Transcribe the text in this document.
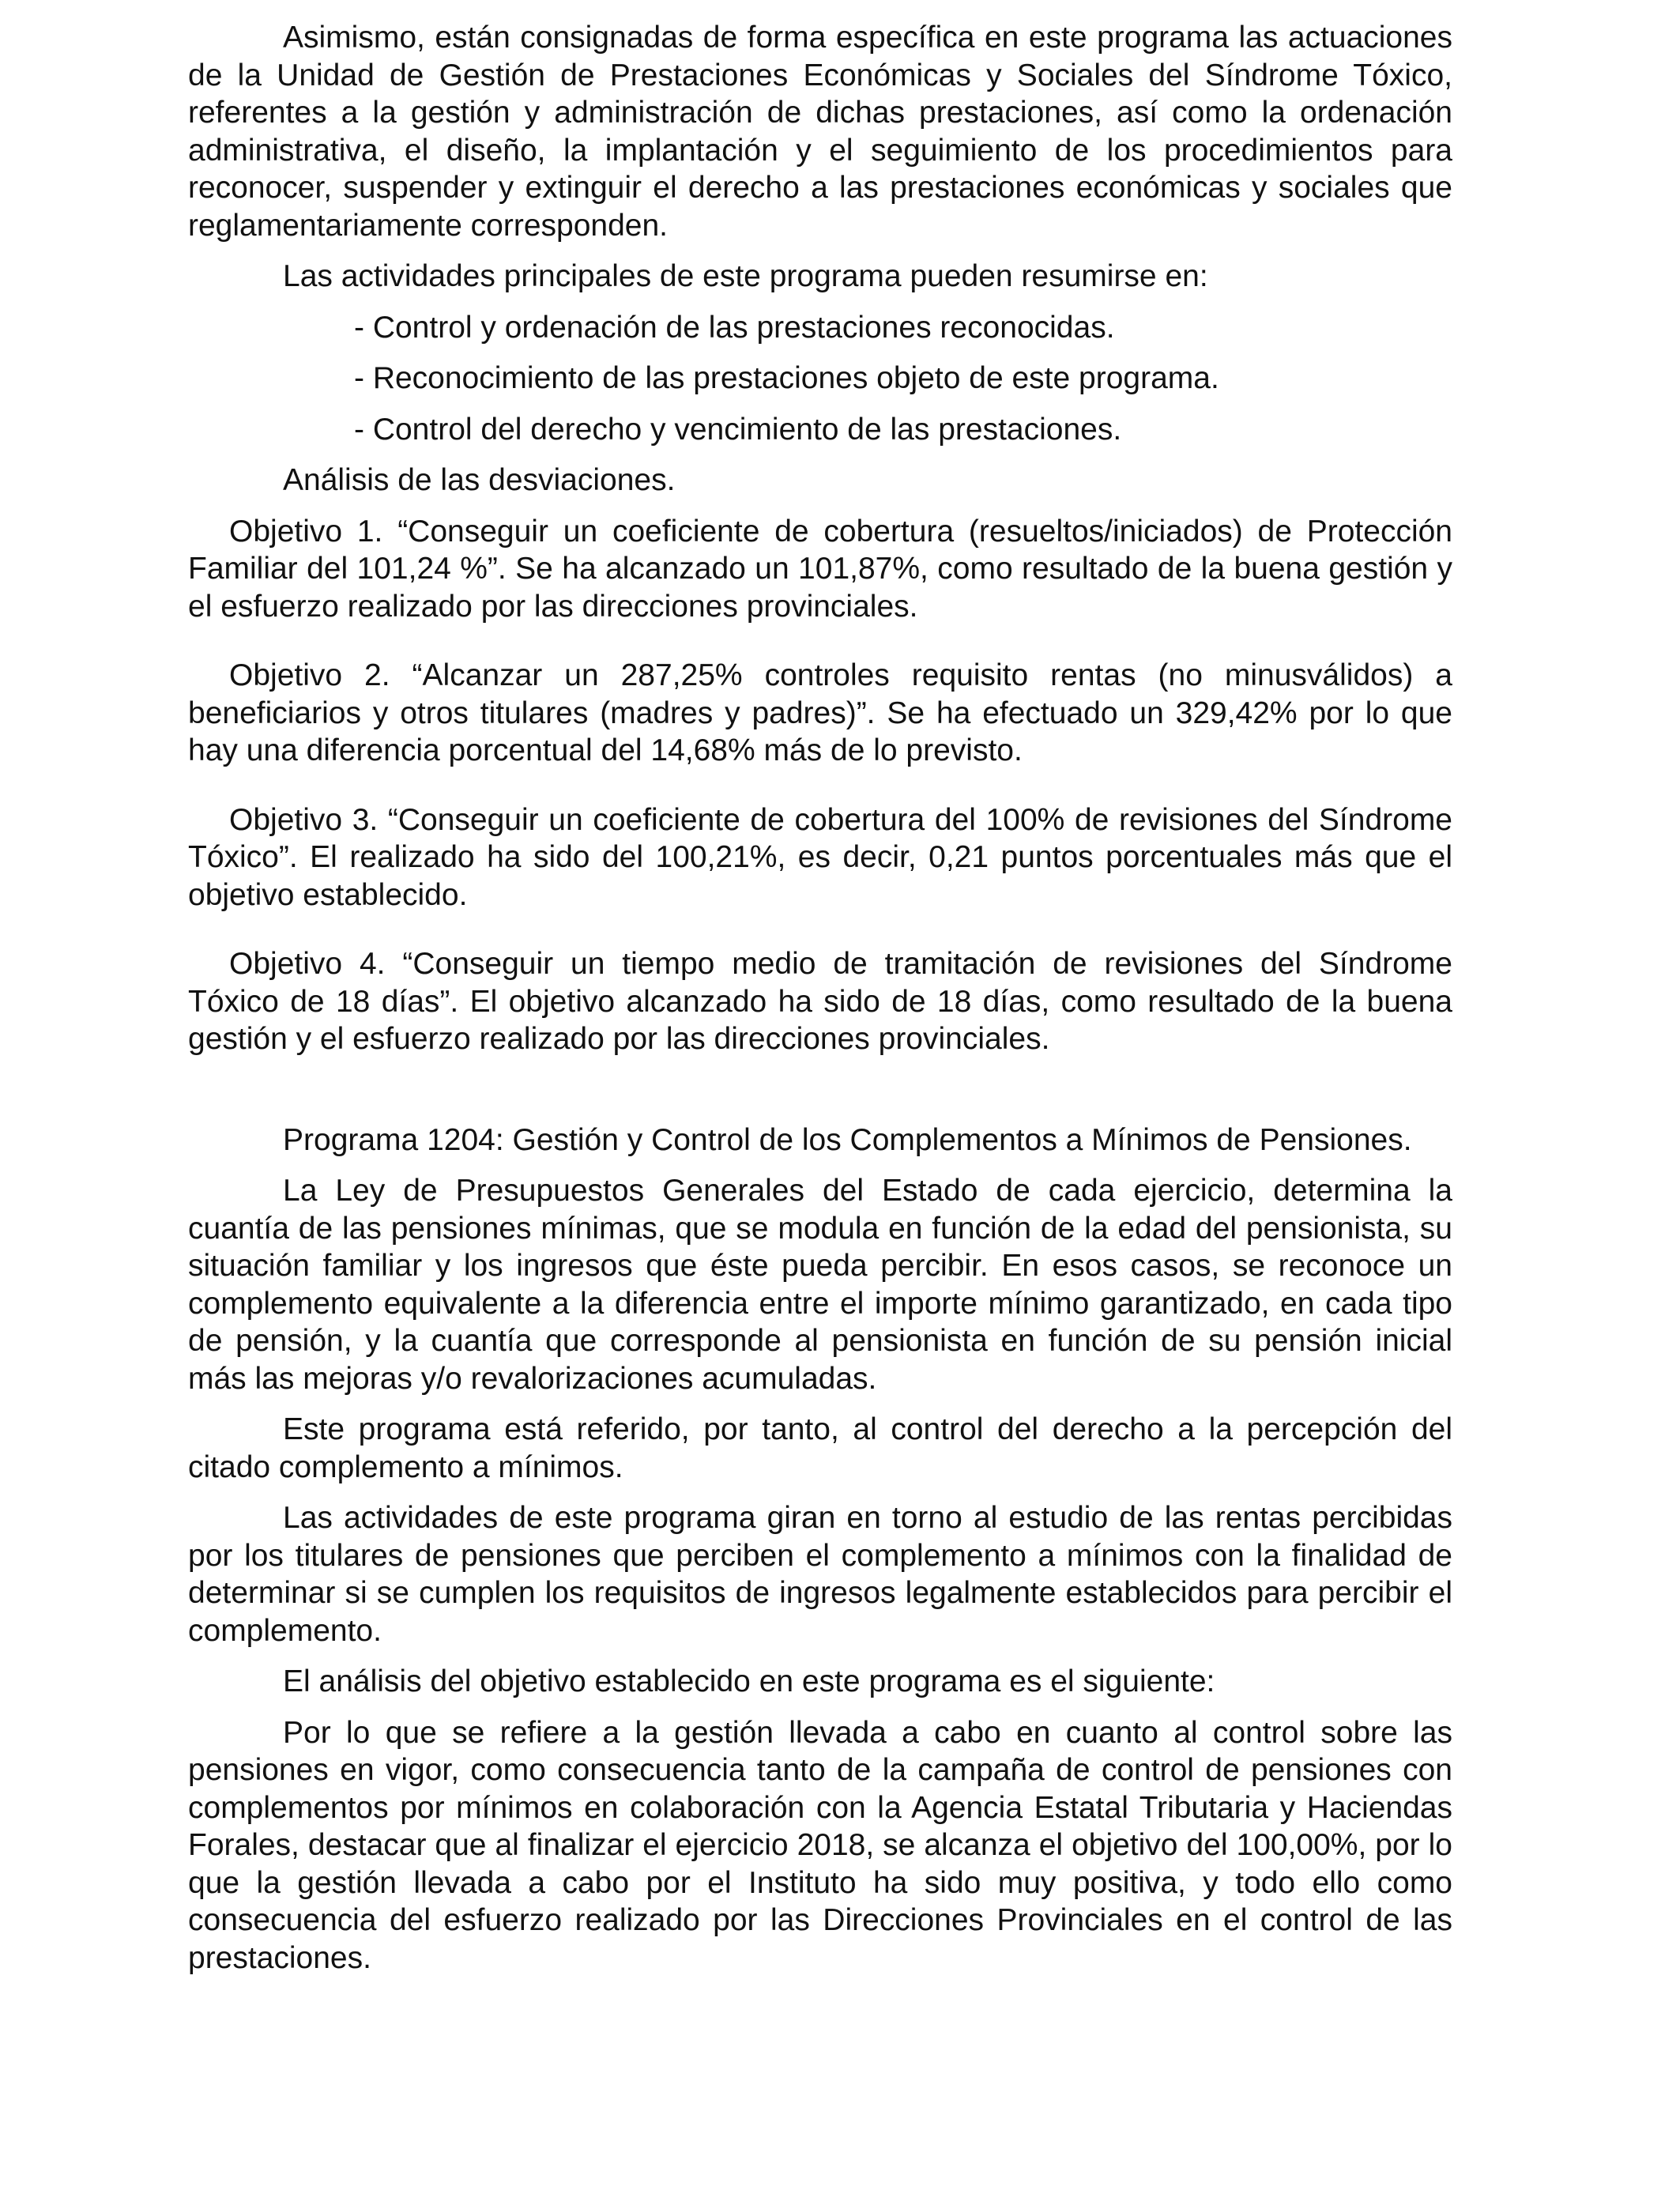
Asimismo, están consignadas de forma específica en este programa las actuaciones de la Unidad de Gestión de Prestaciones Económicas y Sociales del Síndrome Tóxico, referentes a la gestión y administración de dichas prestaciones, así como la ordenación administrativa, el diseño, la implantación y el seguimiento de los procedimientos para reconocer, suspender y extinguir el derecho a las prestaciones económicas y sociales que reglamentariamente corresponden.

Las actividades principales de este programa pueden resumirse en:

- Control y ordenación de las prestaciones reconocidas.

- Reconocimiento de las prestaciones objeto de este programa.

- Control del derecho y vencimiento de las prestaciones.

Análisis de las desviaciones.

Objetivo 1. “Conseguir un coeficiente de cobertura (resueltos/iniciados) de Protección Familiar del 101,24 %”. Se ha alcanzado un 101,87%, como resultado de la buena gestión y el esfuerzo realizado por las direcciones provinciales.

Objetivo 2. “Alcanzar un 287,25% controles requisito rentas (no minusválidos) a beneficiarios y otros titulares (madres y padres)”. Se ha efectuado un 329,42% por lo que hay una diferencia porcentual del 14,68% más de lo previsto.

Objetivo 3. “Conseguir un coeficiente de cobertura del 100% de revisiones del Síndrome Tóxico”. El realizado ha sido del 100,21%, es decir, 0,21 puntos porcentuales más que el objetivo establecido.

Objetivo 4. “Conseguir un tiempo medio de tramitación de revisiones del Síndrome Tóxico de 18 días”. El objetivo alcanzado ha sido de 18 días, como resultado de la buena gestión y el esfuerzo realizado por las direcciones provinciales.

Programa 1204: Gestión y Control de los Complementos a Mínimos de Pensiones.

La Ley de Presupuestos Generales del Estado de cada ejercicio, determina la cuantía de las pensiones mínimas, que se modula en función de la edad del pensionista, su situación familiar y los ingresos que éste pueda percibir. En esos casos, se reconoce un complemento equivalente a la diferencia entre el importe mínimo garantizado, en cada tipo de pensión, y la cuantía que corresponde al pensionista en función de su pensión inicial más las mejoras y/o revalorizaciones acumuladas.

Este programa está referido, por tanto, al control del derecho a la percepción del citado complemento a mínimos.

Las actividades de este programa giran en torno al estudio de las rentas percibidas por los titulares de pensiones que perciben el complemento a mínimos con la finalidad de determinar si se cumplen los requisitos de ingresos legalmente establecidos para percibir el complemento.

El análisis del objetivo establecido en este programa es el siguiente:

Por lo que se refiere a la gestión llevada a cabo en cuanto al control sobre las pensiones en vigor, como consecuencia tanto de la campaña de control de pensiones con complementos por mínimos en colaboración con la Agencia Estatal Tributaria y Haciendas Forales, destacar que al finalizar el ejercicio 2018, se alcanza el objetivo del 100,00%, por lo que la gestión llevada a cabo por el Instituto ha sido muy positiva, y todo ello como consecuencia del esfuerzo realizado por las Direcciones Provinciales en el control de las prestaciones.
